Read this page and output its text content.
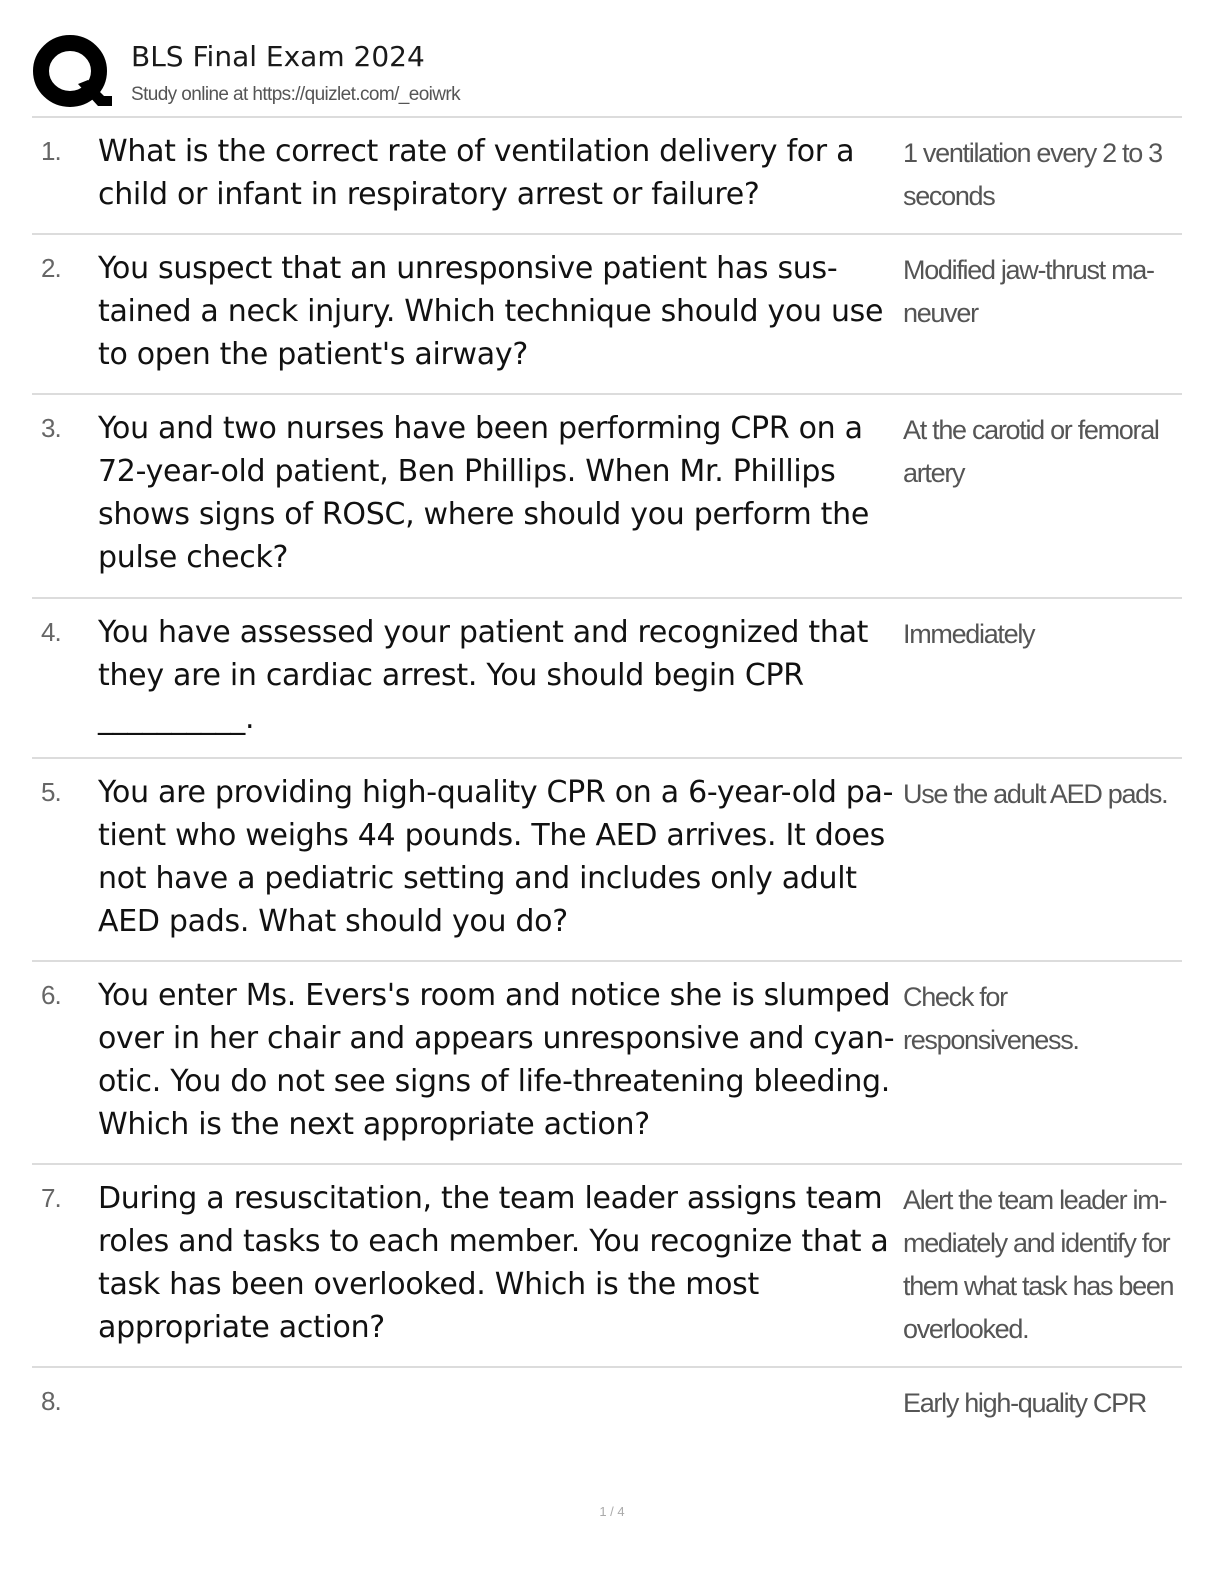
BLS Final Exam 2024
Study online at https://quizlet.com/_eoiwrk
1. What is the correct rate of ventilation delivery for a child or infant in respiratory arrest or failure?
1 ventilation every 2 to 3 seconds
2. You suspect that an unresponsive patient has sustained a neck injury. Which technique should you use to open the patient's airway?
Modified jaw-thrust maneuver
3. You and two nurses have been performing CPR on a 72-year-old patient, Ben Phillips. When Mr. Phillips shows signs of ROSC, where should you perform the pulse check?
At the carotid or femoral artery
4. You have assessed your patient and recognized that they are in cardiac arrest. You should begin CPR __________.
Immediately
5. You are providing high-quality CPR on a 6-year-old patient who weighs 44 pounds. The AED arrives. It does not have a pediatric setting and includes only adult AED pads. What should you do?
Use the adult AED pads.
6. You enter Ms. Evers's room and notice she is slumped over in her chair and appears unresponsive and cyanotic. You do not see signs of life-threatening bleeding. Which is the next appropriate action?
Check for responsiveness.
7. During a resuscitation, the team leader assigns team roles and tasks to each member. You recognize that a task has been overlooked. Which is the most appropriate action?
Alert the team leader immediately and identify for them what task has been overlooked.
8.	Early high-quality CPR
1 / 4
